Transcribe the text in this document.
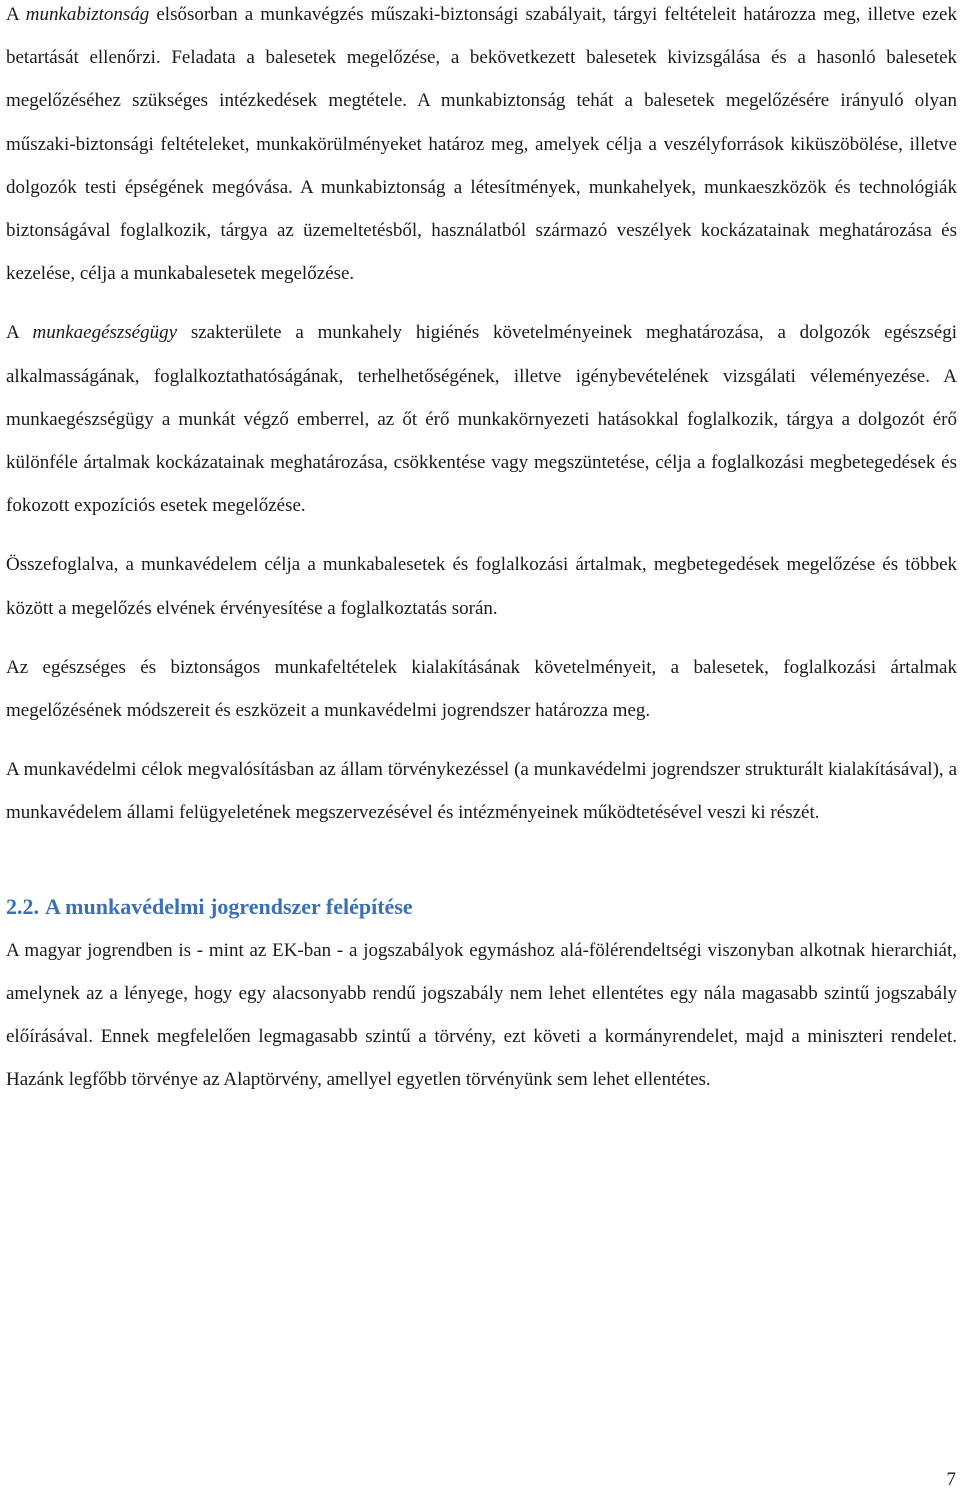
A munkabiztonság elsősorban a munkavégzés műszaki-biztonsági szabályait, tárgyi feltételeit határozza meg, illetve ezek betartását ellenőrzi. Feladata a balesetek megelőzése, a bekövetkezett balesetek kivizsgálása és a hasonló balesetek megelőzéséhez szükséges intézkedések megtétele. A munkabiztonság tehát a balesetek megelőzésére irányuló olyan műszaki-biztonsági feltételeket, munkakörülményeket határoz meg, amelyek célja a veszélyforrások kiküszöbölése, illetve dolgozók testi épségének megóvása. A munkabiztonság a létesítmények, munkahelyek, munkaeszközök és technológiák biztonságával foglalkozik, tárgya az üzemeltetésből, használatból származó veszélyek kockázatainak meghatározása és kezelése, célja a munkabalesetek megelőzése.

A munkaegészségügy szakterülete a munkahely higiénés követelményeinek meghatározása, a dolgozók egészségi alkalmasságának, foglalkoztathatóságának, terhelhetőségének, illetve igénybevételének vizsgálati véleményezése. A munkaegészségügy a munkát végző emberrel, az őt érő munkakörnyezeti hatásokkal foglalkozik, tárgya a dolgozót érő különféle ártalmak kockázatainak meghatározása, csökkentése vagy megszüntetése, célja a foglalkozási megbetegedések és fokozott expozíciós esetek megelőzése.

Összefoglalva, a munkavédelem célja a munkabalesetek és foglalkozási ártalmak, megbetegedések megelőzése és többek között a megelőzés elvének érvényesítése a foglalkoztatás során.

Az egészséges és biztonságos munkafeltételek kialakításának követelményeit, a balesetek, foglalkozási ártalmak megelőzésének módszereit és eszközeit a munkavédelmi jogrendszer határozza meg.

A munkavédelmi célok megvalósításban az állam törvénykezéssel (a munkavédelmi jogrendszer strukturált kialakításával), a munkavédelem állami felügyeletének megszervezésével és intézményeinek működtetésével veszi ki részét.

2.2. A munkavédelmi jogrendszer felépítése

A magyar jogrendben is - mint az EK-ban - a jogszabályok egymáshoz alá-fölérendeltségi viszonyban alkotnak hierarchiát, amelynek az a lényege, hogy egy alacsonyabb rendű jogszabály nem lehet ellentétes egy nála magasabb szintű jogszabály előírásával. Ennek megfelelően legmagasabb szintű a törvény, ezt követi a kormányrendelet, majd a miniszteri rendelet. Hazánk legfőbb törvénye az Alaptörvény, amellyel egyetlen törvényünk sem lehet ellentétes.

7
